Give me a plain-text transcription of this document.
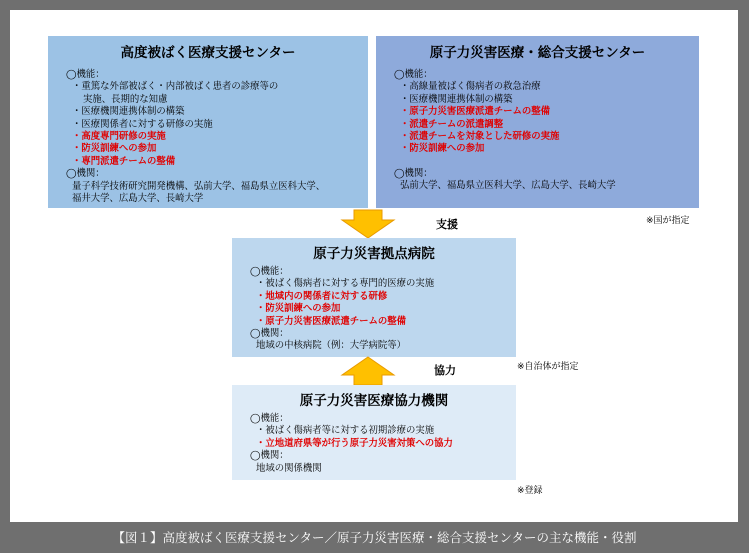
高度被ばく医療支援センター
◯機能：
・重篤な外部被ばく・内部被ばく患者の診療等の
実施、長期的な知慮
・医療機関連携体制の構築
・医療関係者に対する研修の実施
・高度専門研修の実施
・防災訓練への参加
・専門派遣チームの整備
◯機関：
量子科学技術研究開発機構、弘前大学、福島県立医科大学、
福井大学、広島大学、長崎大学
原子力災害医療・総合支援センター
◯機能：
・高線量被ばく傷病者の救急治療
・医療機関連携体制の構築
・原子力災害医療派遣チームの整備
・派遣チームの派遣調整
・派遣チームを対象とした研修の実施
・防災訓練への参加
◯機関：
弘前大学、福島県立医科大学、広島大学、長崎大学
※国が指定
支援
原子力災害拠点病院
◯機能：
・被ばく傷病者に対する専門的医療の実施
・地域内の関係者に対する研修
・防災訓練への参加
・原子力災害医療派遣チームの整備
◯機関：
地域の中核病院（例：大学病院等）
※自治体が指定
協力
原子力災害医療協力機関
◯機能：
・被ばく傷病者等に対する初期診療の実施
・立地道府県等が行う原子力災害対策への協力
◯機関：
地域の関係機関
※登録
【図１】高度被ばく医療支援センター／原子力災害医療・総合支援センターの主な機能・役割
